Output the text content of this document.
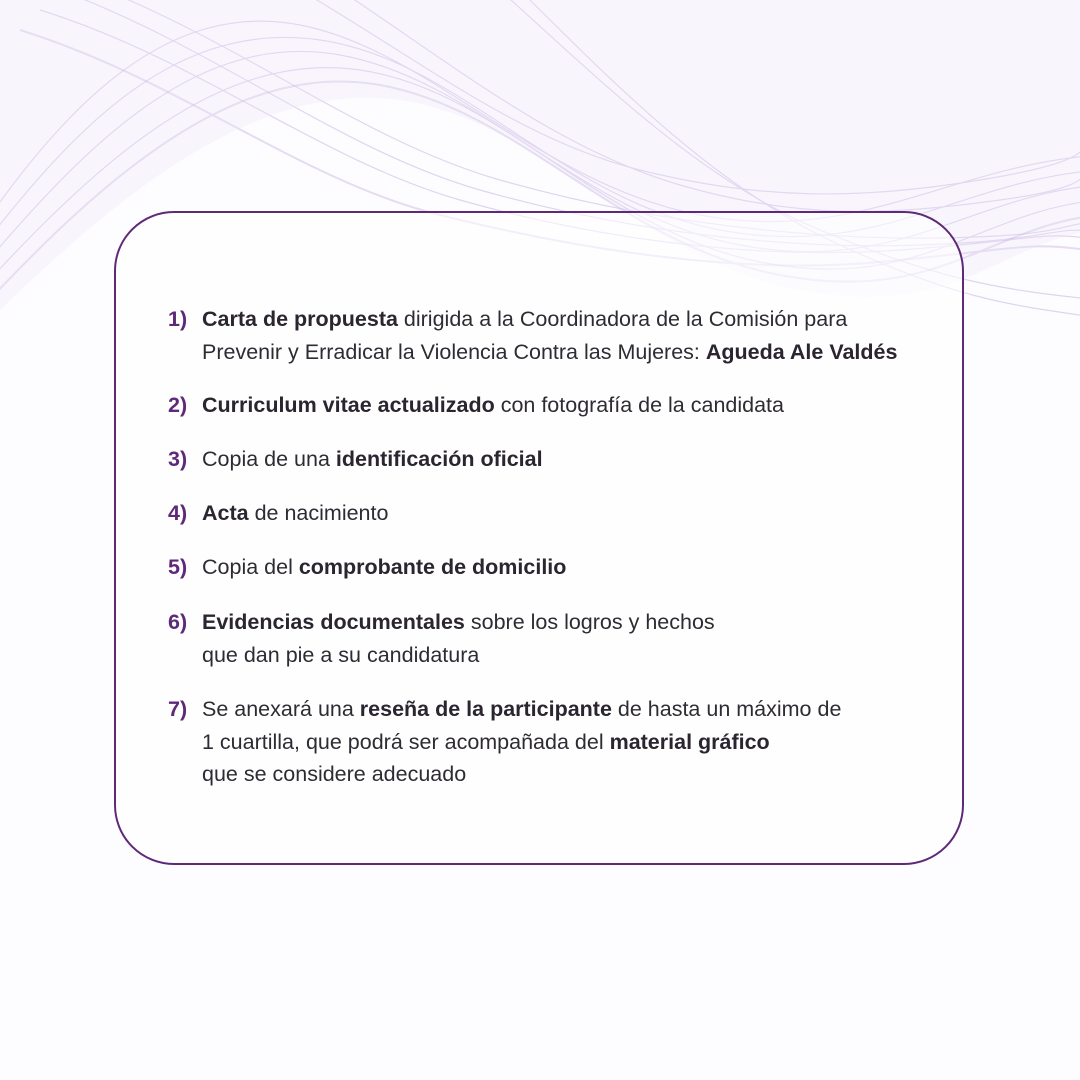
1) Carta de propuesta dirigida a la Coordinadora de la Comisión para
Prevenir y Erradicar la Violencia Contra las Mujeres: Agueda Ale Valdés
2) Curriculum vitae actualizado con fotografía de la candidata
3) Copia de una identificación oficial
4) Acta de nacimiento
5) Copia del comprobante de domicilio
6) Evidencias documentales sobre los logros y hechos
que dan pie a su candidatura
7) Se anexará una reseña de la participante de hasta un máximo de
1 cuartilla, que podrá ser acompañada del material gráfico
que se considere adecuado
